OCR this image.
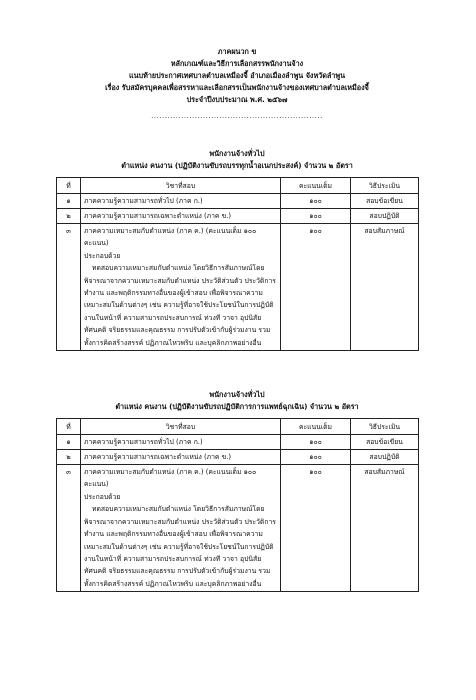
ภาคผนวก ข
หลักเกณฑ์และวิธีการเลือกสรรพนักงานจ้าง
แนบท้ายประกาศเทศบาลตำบลเหมืองจี้ อำเภอเมืองลำพูน จังหวัดลำพูน
เรื่อง รับสมัครบุคคลเพื่อสรรหาและเลือกสรรเป็นพนักงานจ้างของเทศบาลตำบลเหมืองจี้
ประจำปีงบประมาณ พ.ศ. ๒๕๖๗
...............................................................
พนักงานจ้างทั่วไป
ตำแหน่ง คนงาน (ปฏิบัติงานขับรถบรรทุกน้ำอเนกประสงค์) จำนวน ๒ อัตรา
ที่	วิชาที่สอบ	คะแนนเต็ม	วิธีประเมิน
๑	ภาคความรู้ความสามารถทั่วไป (ภาค ก.)	๑๐๐	สอบข้อเขียน
๒	ภาคความรู้ความสามารถเฉพาะตำแหน่ง (ภาค ข.)	๑๐๐	สอบปฏิบัติ
๓	ภาคความเหมาะสมกับตำแหน่ง (ภาค ค.) (คะแนนเต็ม ๑๐๐ คะแนน)
ประกอบด้วย
ทดสอบความเหมาะสมกับตำแหน่ง โดยวิธีการสัมภาษณ์โดยพิจารณาจากความเหมาะสมกับตำแหน่ง ประวัติส่วนตัว ประวัติการทำงาน และพฤติกรรมทางอื่นของผู้เข้าสอบ เพื่อพิจารณาความเหมาะสมในด้านต่างๆ เช่น ความรู้ที่อาจใช้ประโยชน์ในการปฏิบัติงานในหน้าที่ ความสามารถประสบการณ์ ท่วงที วาจา อุปนิสัย ทัศนคติ จริยธรรมและคุณธรรม การปรับตัวเข้ากับผู้ร่วมงาน รวมทั้งการคิดสร้างสรรค์ ปฏิภาณไหวพริบ และบุคลิกภาพอย่างอื่น	๑๐๐	สอบสัมภาษณ์
พนักงานจ้างทั่วไป
ตำแหน่ง คนงาน (ปฏิบัติงานขับรถปฏิบัติการการแพทย์ฉุกเฉิน) จำนวน ๒ อัตรา
ที่	วิชาที่สอบ	คะแนนเต็ม	วิธีประเมิน
๑	ภาคความรู้ความสามารถทั่วไป (ภาค ก.)	๑๐๐	สอบข้อเขียน
๒	ภาคความรู้ความสามารถเฉพาะตำแหน่ง (ภาค ข.)	๑๐๐	สอบปฏิบัติ
๓	ภาคความเหมาะสมกับตำแหน่ง (ภาค ค.) (คะแนนเต็ม ๑๐๐ คะแนน)
ประกอบด้วย
ทดสอบความเหมาะสมกับตำแหน่ง โดยวิธีการสัมภาษณ์โดยพิจารณาจากความเหมาะสมกับตำแหน่ง ประวัติส่วนตัว ประวัติการทำงาน และพฤติกรรมทางอื่นของผู้เข้าสอบ เพื่อพิจารณาความเหมาะสมในด้านต่างๆ เช่น ความรู้ที่อาจใช้ประโยชน์ในการปฏิบัติงานในหน้าที่ ความสามารถประสบการณ์ ท่วงที วาจา อุปนิสัย ทัศนคติ จริยธรรมและคุณธรรม การปรับตัวเข้ากับผู้ร่วมงาน รวมทั้งการคิดสร้างสรรค์ ปฏิภาณไหวพริบ และบุคลิกภาพอย่างอื่น	๑๐๐	สอบสัมภาษณ์
